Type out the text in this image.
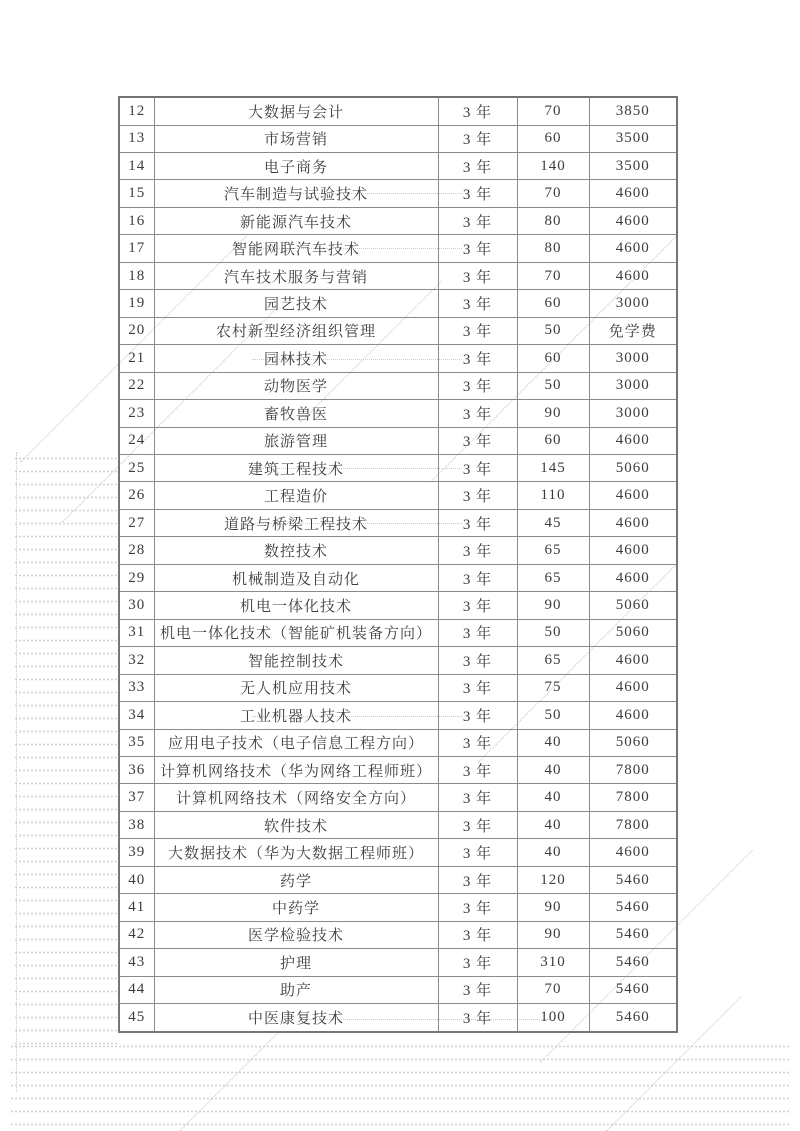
12	大数据与会计	3 年	70	3850
13	市场营销	3 年	60	3500
14	电子商务	3 年	140	3500
15	汽车制造与试验技术	3 年	70	4600
16	新能源汽车技术	3 年	80	4600
17	智能网联汽车技术	3 年	80	4600
18	汽车技术服务与营销	3 年	70	4600
19	园艺技术	3 年	60	3000
20	农村新型经济组织管理	3 年	50	免学费
21	园林技术	3 年	60	3000
22	动物医学	3 年	50	3000
23	畜牧兽医	3 年	90	3000
24	旅游管理	3 年	60	4600
25	建筑工程技术	3 年	145	5060
26	工程造价	3 年	110	4600
27	道路与桥梁工程技术	3 年	45	4600
28	数控技术	3 年	65	4600
29	机械制造及自动化	3 年	65	4600
30	机电一体化技术	3 年	90	5060
31	机电一体化技术（智能矿机装备方向）	3 年	50	5060
32	智能控制技术	3 年	65	4600
33	无人机应用技术	3 年	75	4600
34	工业机器人技术	3 年	50	4600
35	应用电子技术（电子信息工程方向）	3 年	40	5060
36	计算机网络技术（华为网络工程师班）	3 年	40	7800
37	计算机网络技术（网络安全方向）	3 年	40	7800
38	软件技术	3 年	40	7800
39	大数据技术（华为大数据工程师班）	3 年	40	4600
40	药学	3 年	120	5460
41	中药学	3 年	90	5460
42	医学检验技术	3 年	90	5460
43	护理	3 年	310	5460
44	助产	3 年	70	5460
45	中医康复技术	3 年	100	5460
